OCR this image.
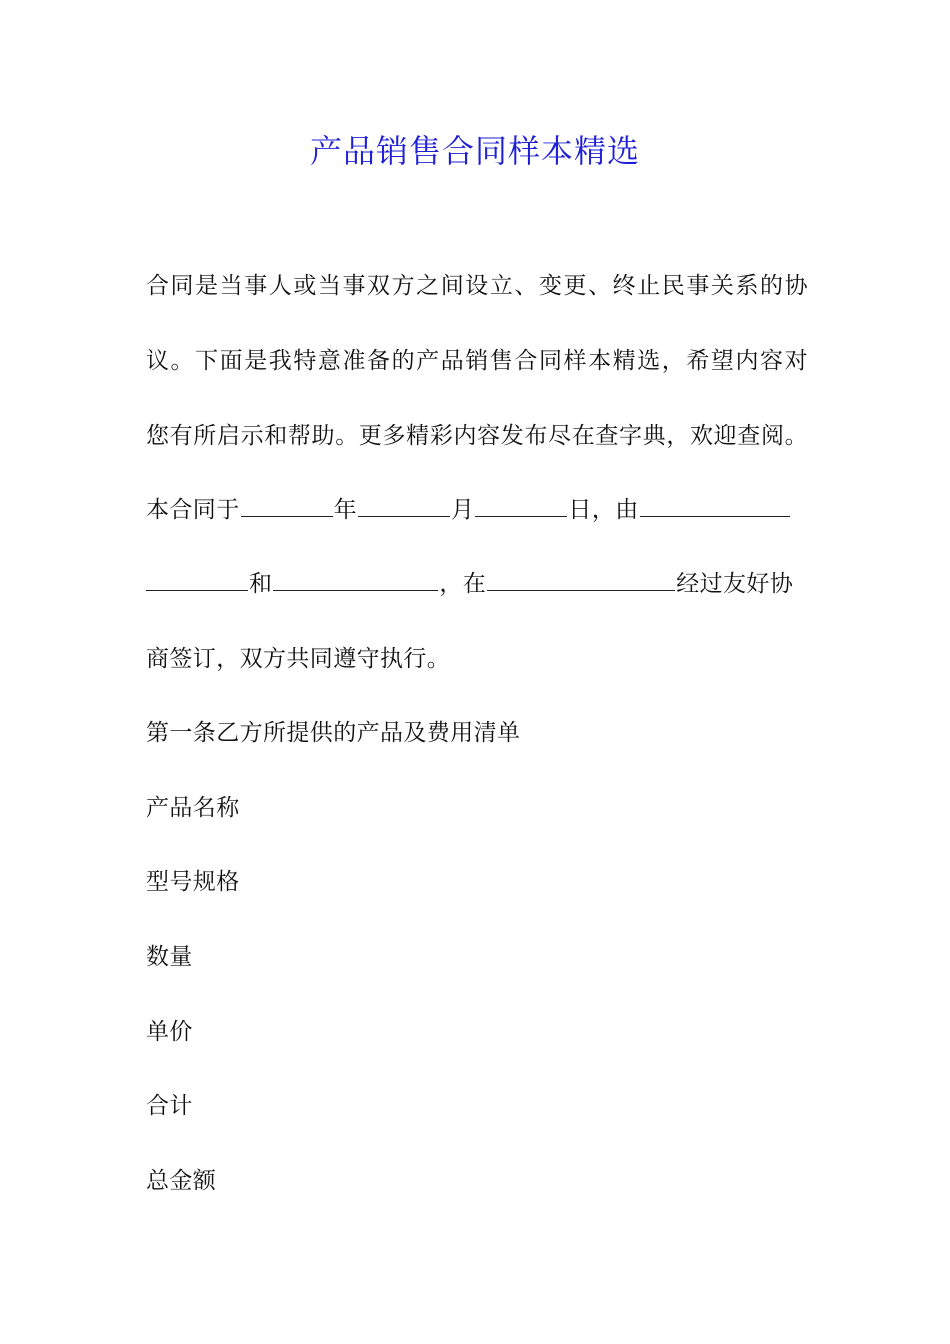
产品销售合同样本精选
合同是当事人或当事双方之间设立、变更、终止民事关系的协
议。下面是我特意准备的产品销售合同样本精选，希望内容对
您有所启示和帮助。更多精彩内容发布尽在查字典，欢迎查阅。
本合同于	年	月	日，由
和	，在	经过友好协
商签订，双方共同遵守执行。
第一条乙方所提供的产品及费用清单
产品名称
型号规格
数量
单价
合计
总金额
